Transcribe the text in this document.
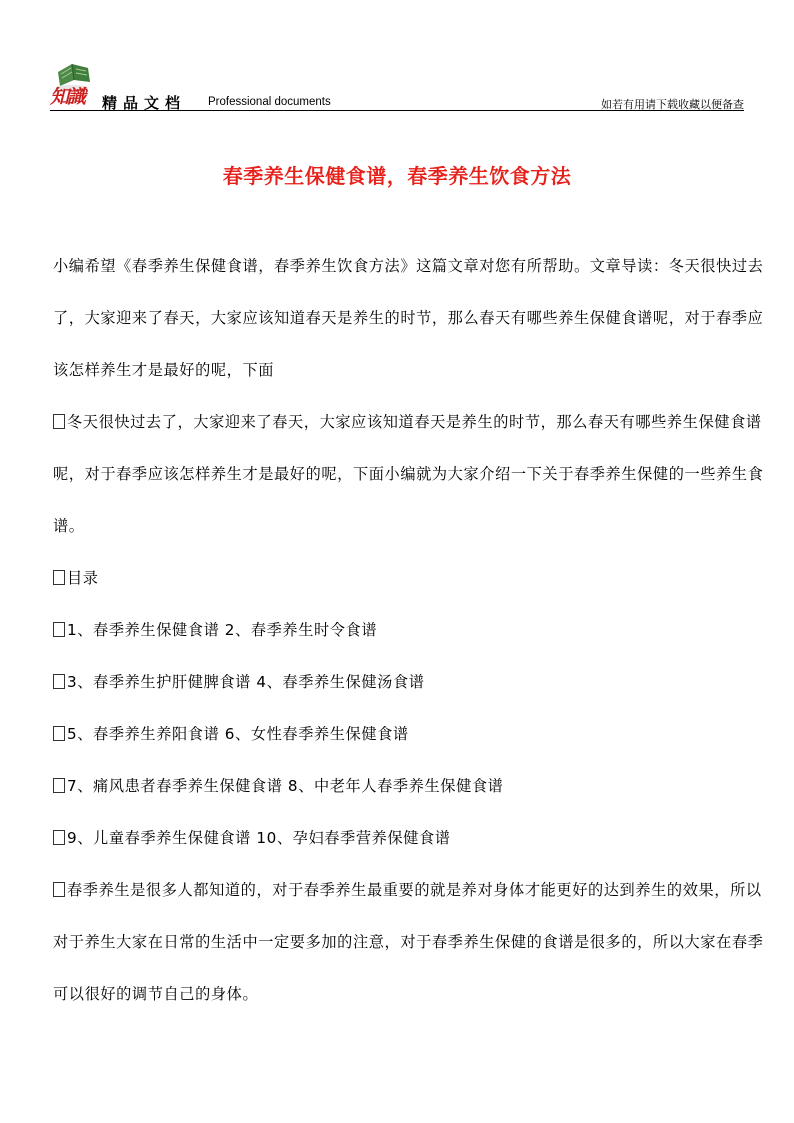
知識 精品文档 Professional documents	如若有用请下载收藏以便备查
春季养生保健食谱，春季养生饮食方法

小编希望《春季养生保健食谱，春季养生饮食方法》这篇文章对您有所帮助。文章导读：冬天很快过去了，大家迎来了春天，大家应该知道春天是养生的时节，那么春天有哪些养生保健食谱呢，对于春季应该怎样养生才是最好的呢，下面

冬天很快过去了，大家迎来了春天，大家应该知道春天是养生的时节，那么春天有哪些养生保健食谱呢，对于春季应该怎样养生才是最好的呢，下面小编就为大家介绍一下关于春季养生保健的一些养生食谱。

目录

1、春季养生保健食谱 2、春季养生时令食谱

3、春季养生护肝健脾食谱 4、春季养生保健汤食谱

5、春季养生养阳食谱 6、女性春季养生保健食谱

7、痛风患者春季养生保健食谱 8、中老年人春季养生保健食谱

9、儿童春季养生保健食谱 10、孕妇春季营养保健食谱

春季养生是很多人都知道的，对于春季养生最重要的就是养对身体才能更好的达到养生的效果，所以对于养生大家在日常的生活中一定要多加的注意，对于春季养生保健的食谱是很多的，所以大家在春季可以很好的调节自己的身体。
